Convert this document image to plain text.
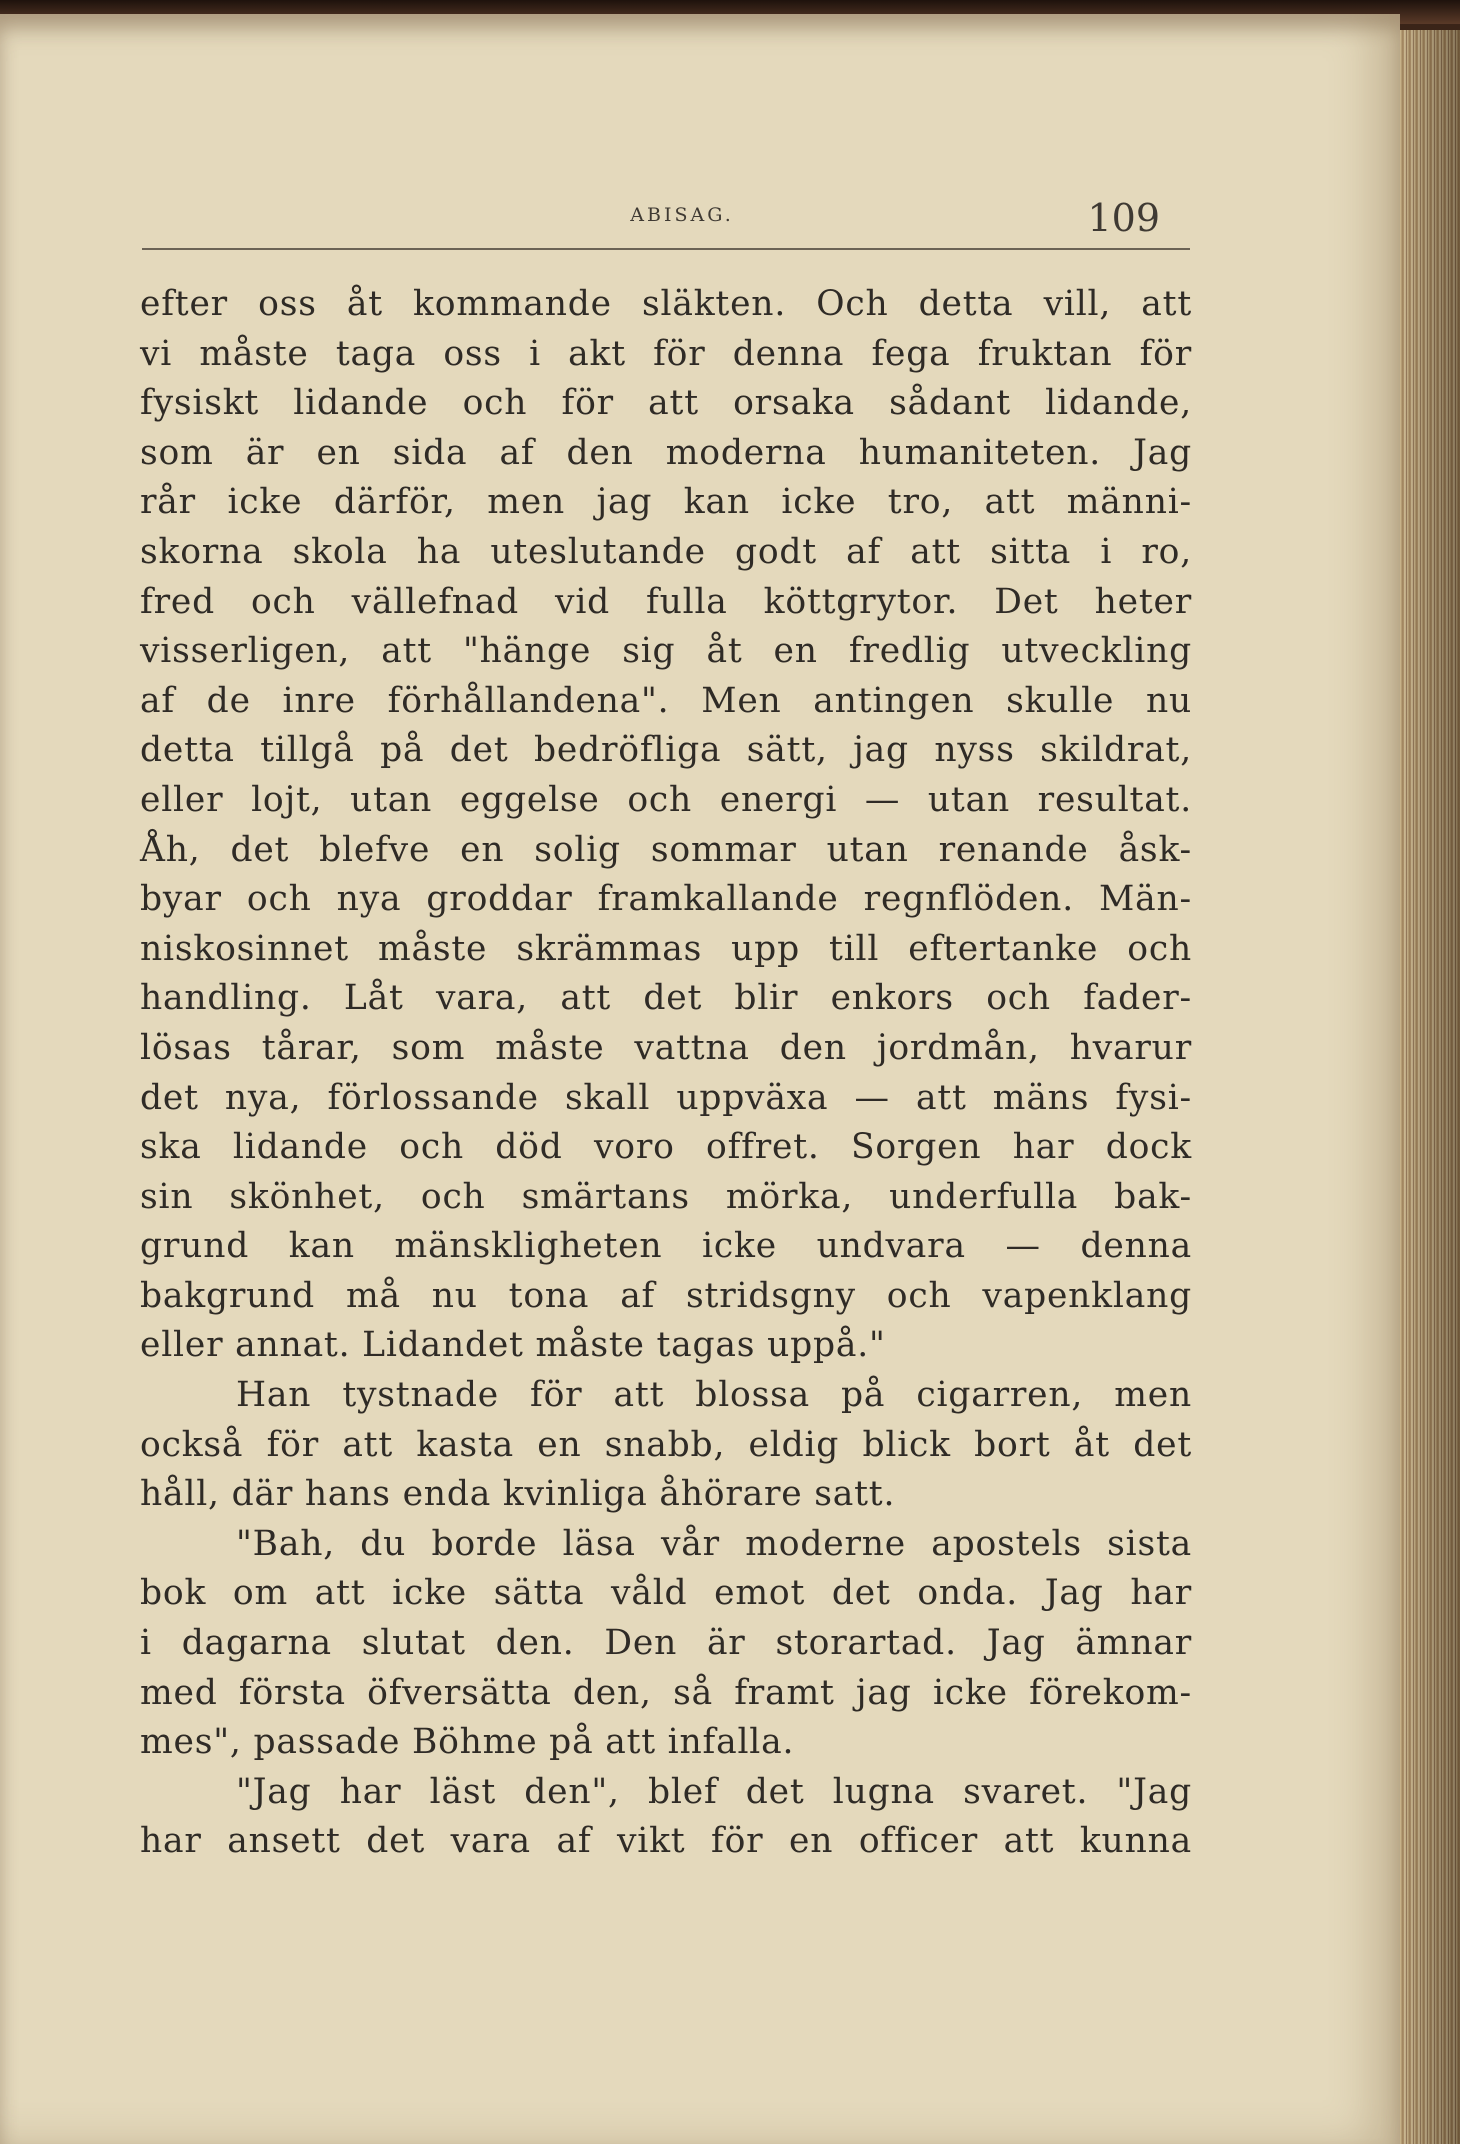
ABISAG.	109
efter oss åt kommande släkten. Och detta vill, att
vi måste taga oss i akt för denna fega fruktan för
fysiskt lidande och för att orsaka sådant lidande,
som är en sida af den moderna humaniteten. Jag
rår icke därför, men jag kan icke tro, att männi-
skorna skola ha uteslutande godt af att sitta i ro,
fred och vällefnad vid fulla köttgrytor. Det heter
visserligen, att "hänge sig åt en fredlig utveckling
af de inre förhållandena". Men antingen skulle nu
detta tillgå på det bedröfliga sätt, jag nyss skildrat,
eller lojt, utan eggelse och energi — utan resultat.
Åh, det blefve en solig sommar utan renande åsk-
byar och nya groddar framkallande regnflöden. Män-
niskosinnet måste skrämmas upp till eftertanke och
handling. Låt vara, att det blir enkors och fader-
lösas tårar, som måste vattna den jordmån, hvarur
det nya, förlossande skall uppväxa — att mäns fysi-
ska lidande och död voro offret. Sorgen har dock
sin skönhet, och smärtans mörka, underfulla bak-
grund kan mänskligheten icke undvara — denna
bakgrund må nu tona af stridsgny och vapenklang
eller annat. Lidandet måste tagas uppå."
Han tystnade för att blossa på cigarren, men
också för att kasta en snabb, eldig blick bort åt det
håll, där hans enda kvinliga åhörare satt.
"Bah, du borde läsa vår moderne apostels sista
bok om att icke sätta våld emot det onda. Jag har
i dagarna slutat den. Den är storartad. Jag ämnar
med första öfversätta den, så framt jag icke förekom-
mes", passade Böhme på att infalla.
"Jag har läst den", blef det lugna svaret. "Jag
har ansett det vara af vikt för en officer att kunna
